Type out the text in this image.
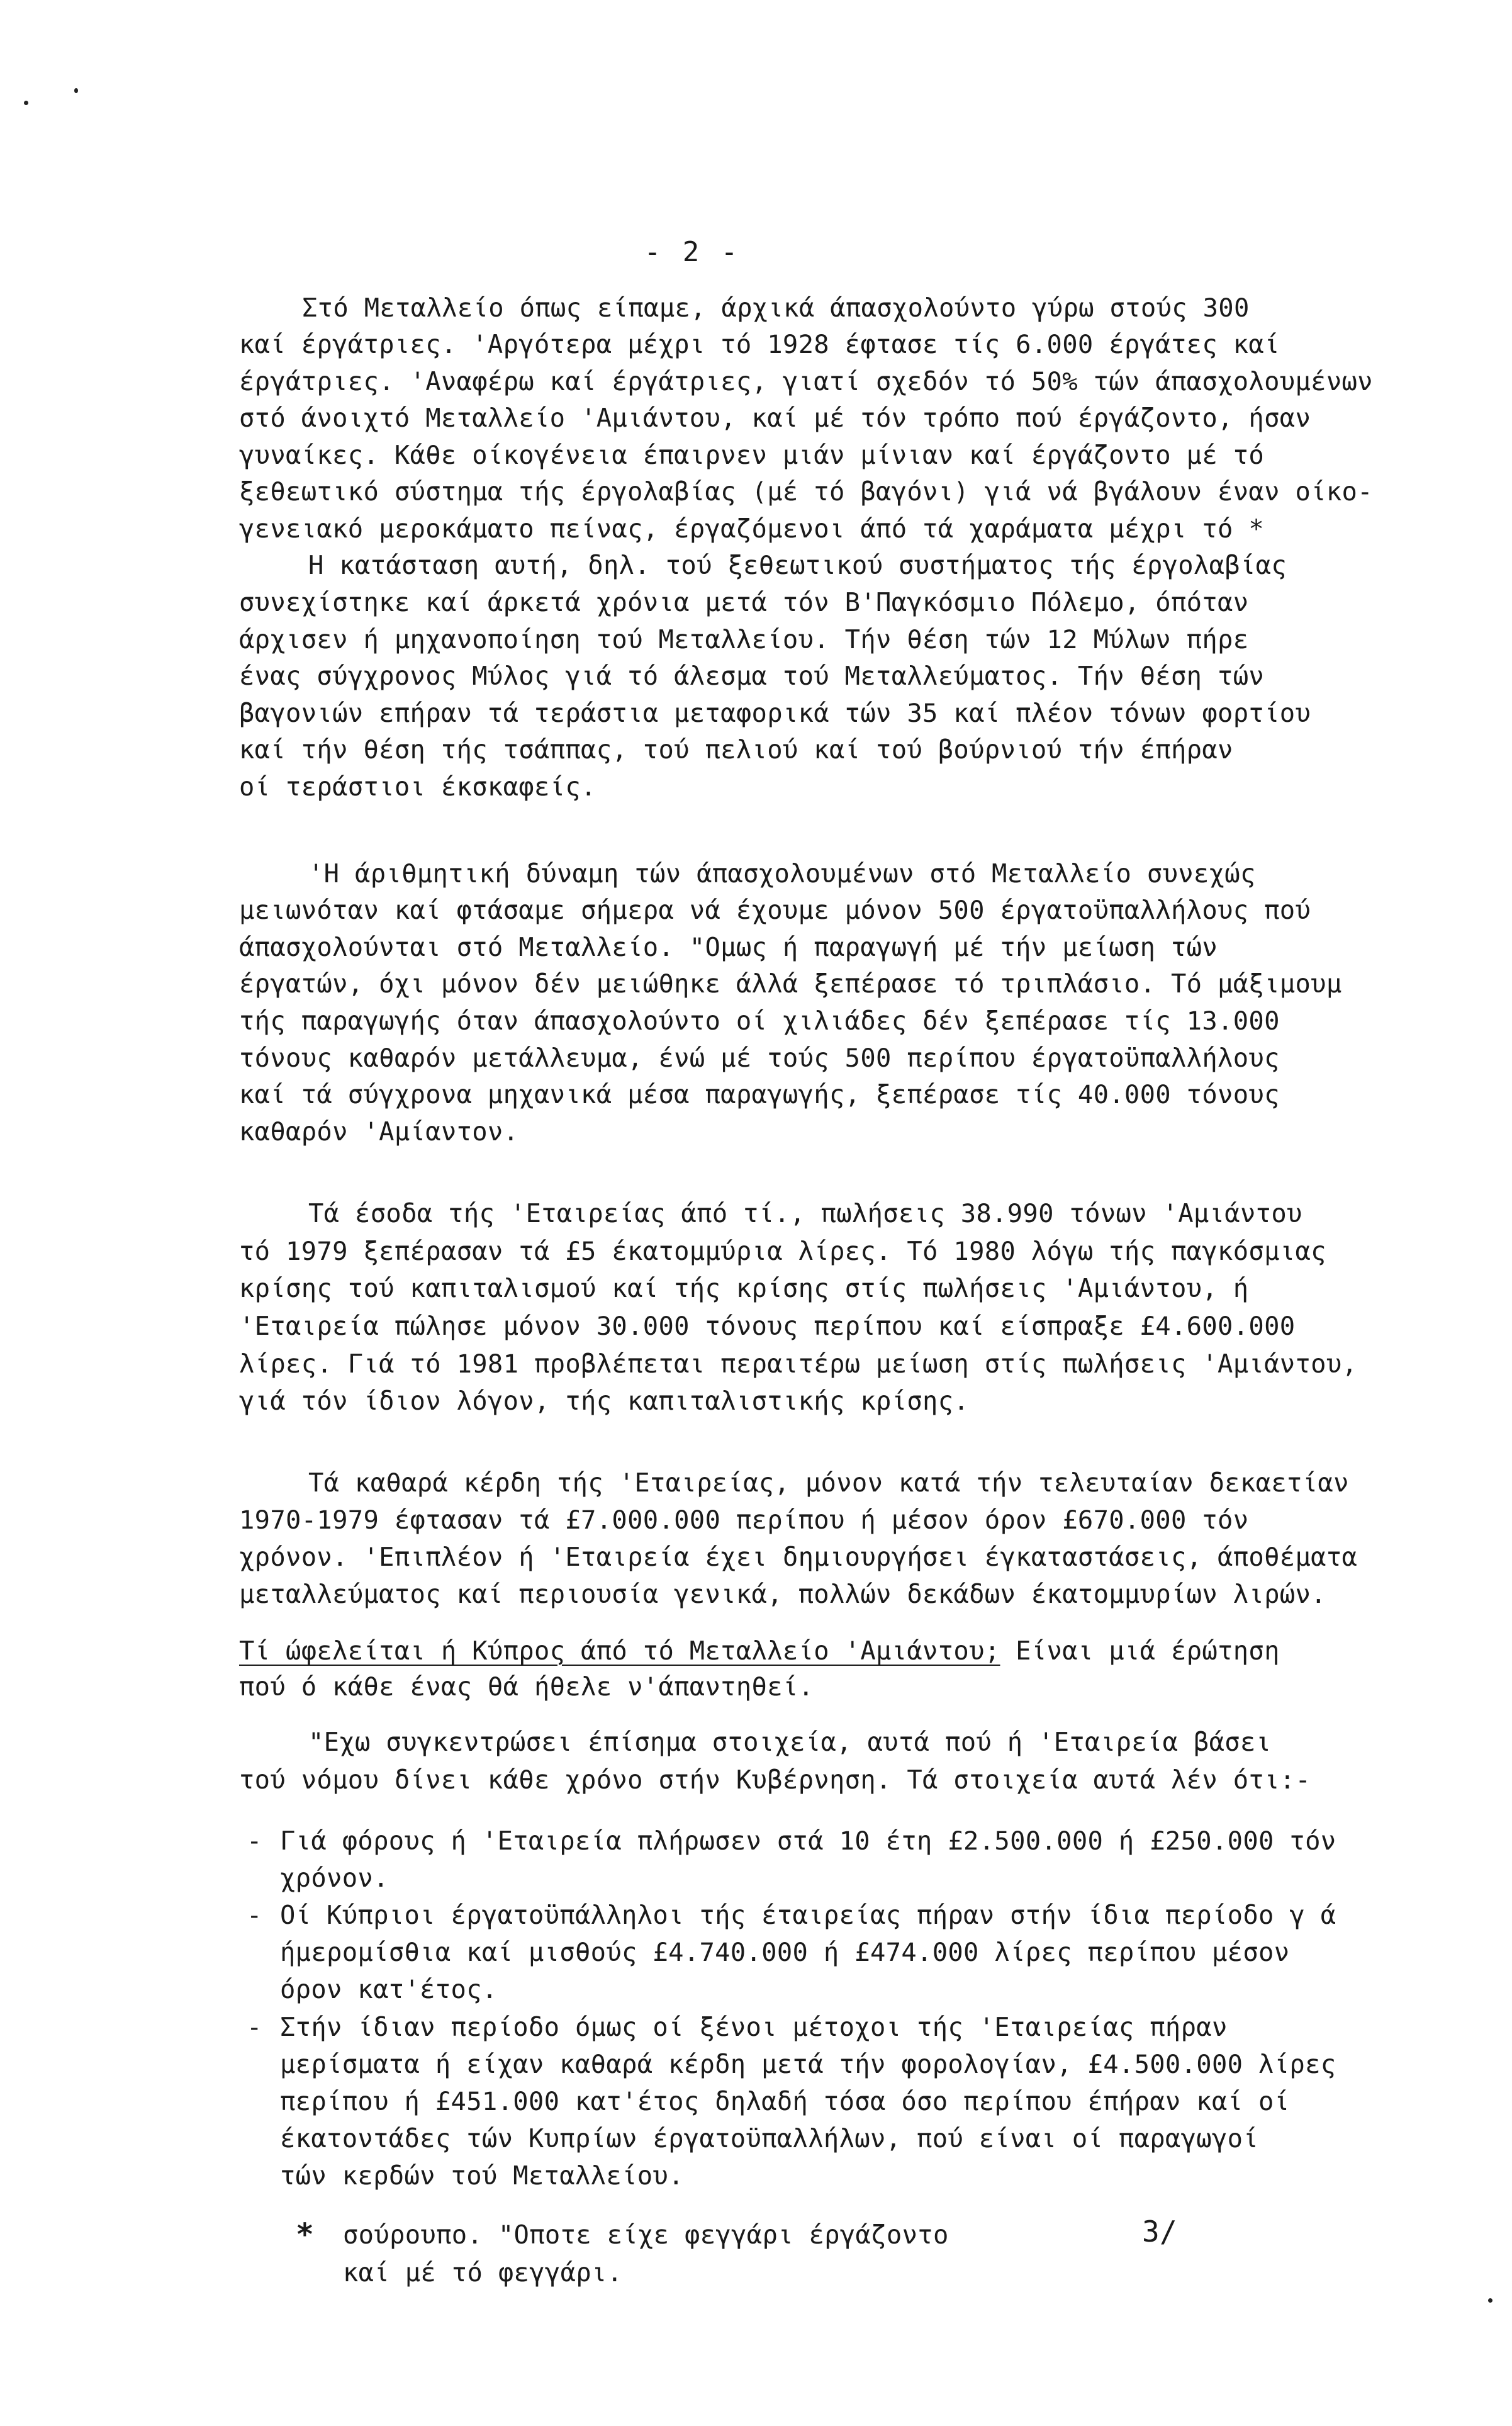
- 2 -
Στό Μεταλλείο όπως είπαμε, άρχικά άπασχολούντο γύρω στούς 300
καί έργάτριες. 'Αργότερα μέχρι τό 1928 έφτασε τίς 6.000 έργάτες καί
έργάτριες. 'Αναφέρω καί έργάτριες, γιατί σχεδόν τό 50% τών άπασχολουμένων
στό άνοιχτό Μεταλλείο 'Αμιάντου, καί μέ τόν τρόπο πού έργάζοντο, ήσαν
γυναίκες. Κάθε οίκογένεια έπαιρνεν μιάν μίνιαν καί έργάζοντο μέ τό
ξεθεωτικό σύστημα τής έργολαβίας (μέ τό βαγόνι) γιά νά βγάλουν έναν οίκο-
γενειακό μεροκάματο πείνας, έργαζόμενοι άπό τά χαράματα μέχρι τό *
Η κατάσταση αυτή, δηλ. τού ξεθεωτικού συστήματος τής έργολαβίας
συνεχίστηκε καί άρκετά χρόνια μετά τόν Β'Παγκόσμιο Πόλεμο, όπόταν
άρχισεν ή μηχανοποίηση τού Μεταλλείου. Τήν θέση τών 12 Μύλων πήρε
ένας σύγχρονος Μύλος γιά τό άλεσμα τού Μεταλλεύματος. Τήν θέση τών
βαγονιών επήραν τά τεράστια μεταφορικά τών 35 καί πλέον τόνων φορτίου
καί τήν θέση τής τσάππας, τού πελιού καί τού βούρνιού τήν έπήραν
οί τεράστιοι έκσκαφείς.
'Η άριθμητική δύναμη τών άπασχολουμένων στό Μεταλλείο συνεχώς
μειωνόταν καί φτάσαμε σήμερα νά έχουμε μόνον 500 έργατοϋπαλλήλους πού
άπασχολούνται στό Μεταλλείο. "Ομως ή παραγωγή μέ τήν μείωση τών
έργατών, όχι μόνον δέν μειώθηκε άλλά ξεπέρασε τό τριπλάσιο. Τό μάξιμουμ
τής παραγωγής όταν άπασχολούντο οί χιλιάδες δέν ξεπέρασε τίς 13.000
τόνους καθαρόν μετάλλευμα, ένώ μέ τούς 500 περίπου έργατοϋπαλλήλους
καί τά σύγχρονα μηχανικά μέσα παραγωγής, ξεπέρασε τίς 40.000 τόνους
καθαρόν 'Αμίαντον.
Τά έσοδα τής 'Εταιρείας άπό τί., πωλήσεις 38.990 τόνων 'Αμιάντου
τό 1979 ξεπέρασαν τά £5 έκατομμύρια λίρες. Τό 1980 λόγω τής παγκόσμιας
κρίσης τού καπιταλισμού καί τής κρίσης στίς πωλήσεις 'Αμιάντου, ή
'Εταιρεία πώλησε μόνον 30.000 τόνους περίπου καί είσπραξε £4.600.000
λίρες. Γιά τό 1981 προβλέπεται περαιτέρω μείωση στίς πωλήσεις 'Αμιάντου,
γιά τόν ίδιον λόγον, τής καπιταλιστικής κρίσης.
Τά καθαρά κέρδη τής 'Εταιρείας, μόνον κατά τήν τελευταίαν δεκαετίαν
1970-1979 έφτασαν τά £7.000.000 περίπου ή μέσον όρον £670.000 τόν
χρόνον. 'Επιπλέον ή 'Εταιρεία έχει δημιουργήσει έγκαταστάσεις, άποθέματα
μεταλλεύματος καί περιουσία γενικά, πολλών δεκάδων έκατομμυρίων λιρών.
Τί ώφελείται ή Κύπρος άπό τό Μεταλλείο 'Αμιάντου; Είναι μιά έρώτηση
πού ό κάθε ένας θά ήθελε ν'άπαντηθεί.
"Εχω συγκεντρώσει έπίσημα στοιχεία, αυτά πού ή 'Εταιρεία βάσει
τού νόμου δίνει κάθε χρόνο στήν Κυβέρνηση. Τά στοιχεία αυτά λέν ότι:-
- Γιά φόρους ή 'Εταιρεία πλήρωσεν στά 10 έτη £2.500.000 ή £250.000 τόν
χρόνον.
- Οί Κύπριοι έργατοϋπάλληλοι τής έταιρείας πήραν στήν ίδια περίοδο γ ά
ήμερομίσθια καί μισθούς £4.740.000 ή £474.000 λίρες περίπου μέσον
όρον κατ'έτος.
- Στήν ίδιαν περίοδο όμως οί ξένοι μέτοχοι τής 'Εταιρείας πήραν
μερίσματα ή είχαν καθαρά κέρδη μετά τήν φορολογίαν, £4.500.000 λίρες
περίπου ή £451.000 κατ'έτος δηλαδή τόσα όσο περίπου έπήραν καί οί
έκατοντάδες τών Κυπρίων έργατοϋπαλλήλων, πού είναι οί παραγωγοί
τών κερδών τού Μεταλλείου.
* σούρουπο. "Οποτε είχε φεγγάρι έργάζοντο
καί μέ τό φεγγάρι.
3/
